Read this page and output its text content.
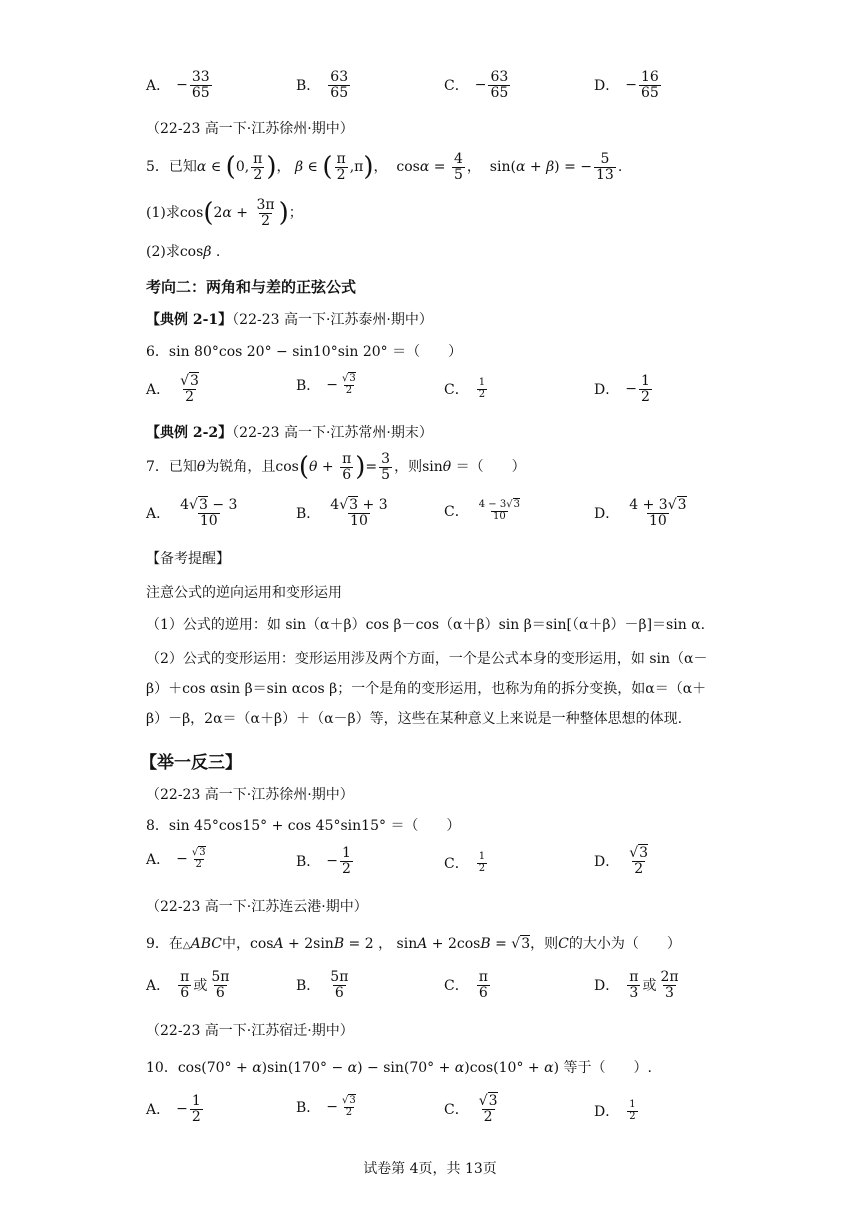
A． − $\frac{33}{65}$	B． $\frac{63}{65}$	C． − $\frac{63}{65}$	D． − $\frac{16}{65}$
（22-23 高一下·江苏徐州·期中）
5． 已知 α ∈ ( 0, $\frac{\pi}{2}$ ) ， β ∈ ( $\frac{\pi}{2} ,\pi$ ) ，  $\cos \alpha = \frac{4}{5}$ ，  sin( α + β ) = − $\frac{5}{13}$ .
(1)求 cos ( 2 $\alpha + \frac{3\pi}{2}$ ) ；
(2)求cosβ .
考向二：两角和与差的正弦公式
【典例 2-1】（22-23 高一下·江苏泰州·期中）
6．sin 80°cos 20° − sin10°sin 20° ＝（　　）
A． $\frac{√3}{2}$	B． − $\frac{√3}{2}$	C． $\frac{1}{2}$	D． − $\frac{1}{2}$
【典例 2-2】（22-23 高一下·江苏常州·期末）
7． 已知 θ 为锐角，且 cos ( $\theta + \frac{\pi}{6}$ ) = $\frac{3}{5}$ ，则 sin θ
＝（　　）
A． $\frac{4√3 - 3}{10}$	B． $\frac{4√3 + 3}{10}$	C． $\frac{4 - 3√3}{10}$	D． $\frac{4 + 3√3}{10}$
【备考提醒】
注意公式的逆向运用和变形运用
（1）公式的逆用：如 sin（α＋β）cos β－cos（α＋β）sin β＝sin[（α＋β）－β]＝sin α.
（2）公式的变形运用：变形运用涉及两个方面，一个是公式本身的变形运用，如 sin（α－β）＋cos αsin β＝sin αcos β；一个是角的变形运用，也称为角的拆分变换，如α＝（α＋β）－β，2α＝（α＋β）＋（α－β）等，这些在某种意义上来说是一种整体思想的体现.
【举一反三】
（22-23 高一下·江苏徐州·期中）
8．sin 45°cos15° + cos 45°sin15° ＝（　　）
A． − $\frac{√3}{2}$	B． − $\frac{1}{2}$	C． $\frac{1}{2}$	D． $\frac{√3}{2}$
（22-23 高一下·江苏连云港·期中）
9．在△ABC中，cosA + 2sinB = 2 ， sinA + 2cosB = √3，则C的大小为（　　）
A． $\frac{\pi}{6}$ 或 $\frac{5\pi}{6}$	B． $\frac{5\pi}{6}$	C． $\frac{\pi}{6}$	D． $\frac{\pi}{3}$ 或 $\frac{2\pi}{3}$
（22-23 高一下·江苏宿迁·期中）
10．cos(70° + α)sin(170° − α) − sin(70° + α)cos(10° + α) 等于（　　）.
A． − $\frac{1}{2}$	B． − $\frac{√3}{2}$	C． $\frac{√3}{2}$	D． $\frac{1}{2}$
试卷第 4页，共 13页
